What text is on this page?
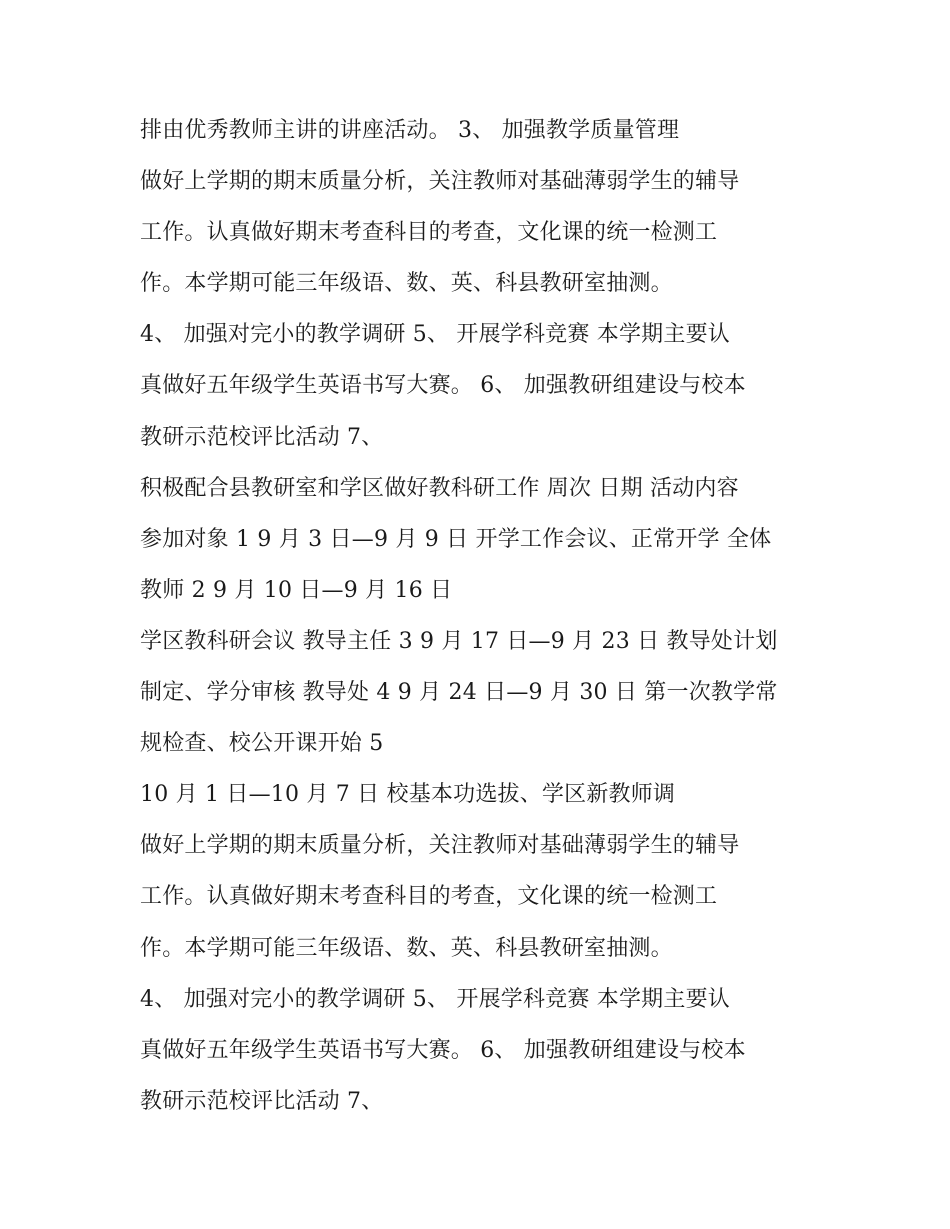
排由优秀教师主讲的讲座活动。 3、 加强教学质量管理
做好上学期的期末质量分析，关注教师对基础薄弱学生的辅导
工作。认真做好期末考查科目的考查，文化课的统一检测工
作。本学期可能三年级语、数、英、科县教研室抽测。
4、 加强对完小的教学调研 5、 开展学科竞赛 本学期主要认
真做好五年级学生英语书写大赛。 6、 加强教研组建设与校本
教研示范校评比活动 7、
积极配合县教研室和学区做好教科研工作 周次 日期 活动内容
参加对象 1 9 月 3 日—9 月 9 日 开学工作会议、正常开学 全体
教师 2 9 月 10 日—9 月 16 日
学区教科研会议 教导主任 3 9 月 17 日—9 月 23 日 教导处计划
制定、学分审核 教导处 4 9 月 24 日—9 月 30 日 第一次教学常
规检查、校公开课开始 5
10 月 1 日—10 月 7 日 校基本功选拔、学区新教师调
做好上学期的期末质量分析，关注教师对基础薄弱学生的辅导
工作。认真做好期末考查科目的考查，文化课的统一检测工
作。本学期可能三年级语、数、英、科县教研室抽测。
4、 加强对完小的教学调研 5、 开展学科竞赛 本学期主要认
真做好五年级学生英语书写大赛。 6、 加强教研组建设与校本
教研示范校评比活动 7、
